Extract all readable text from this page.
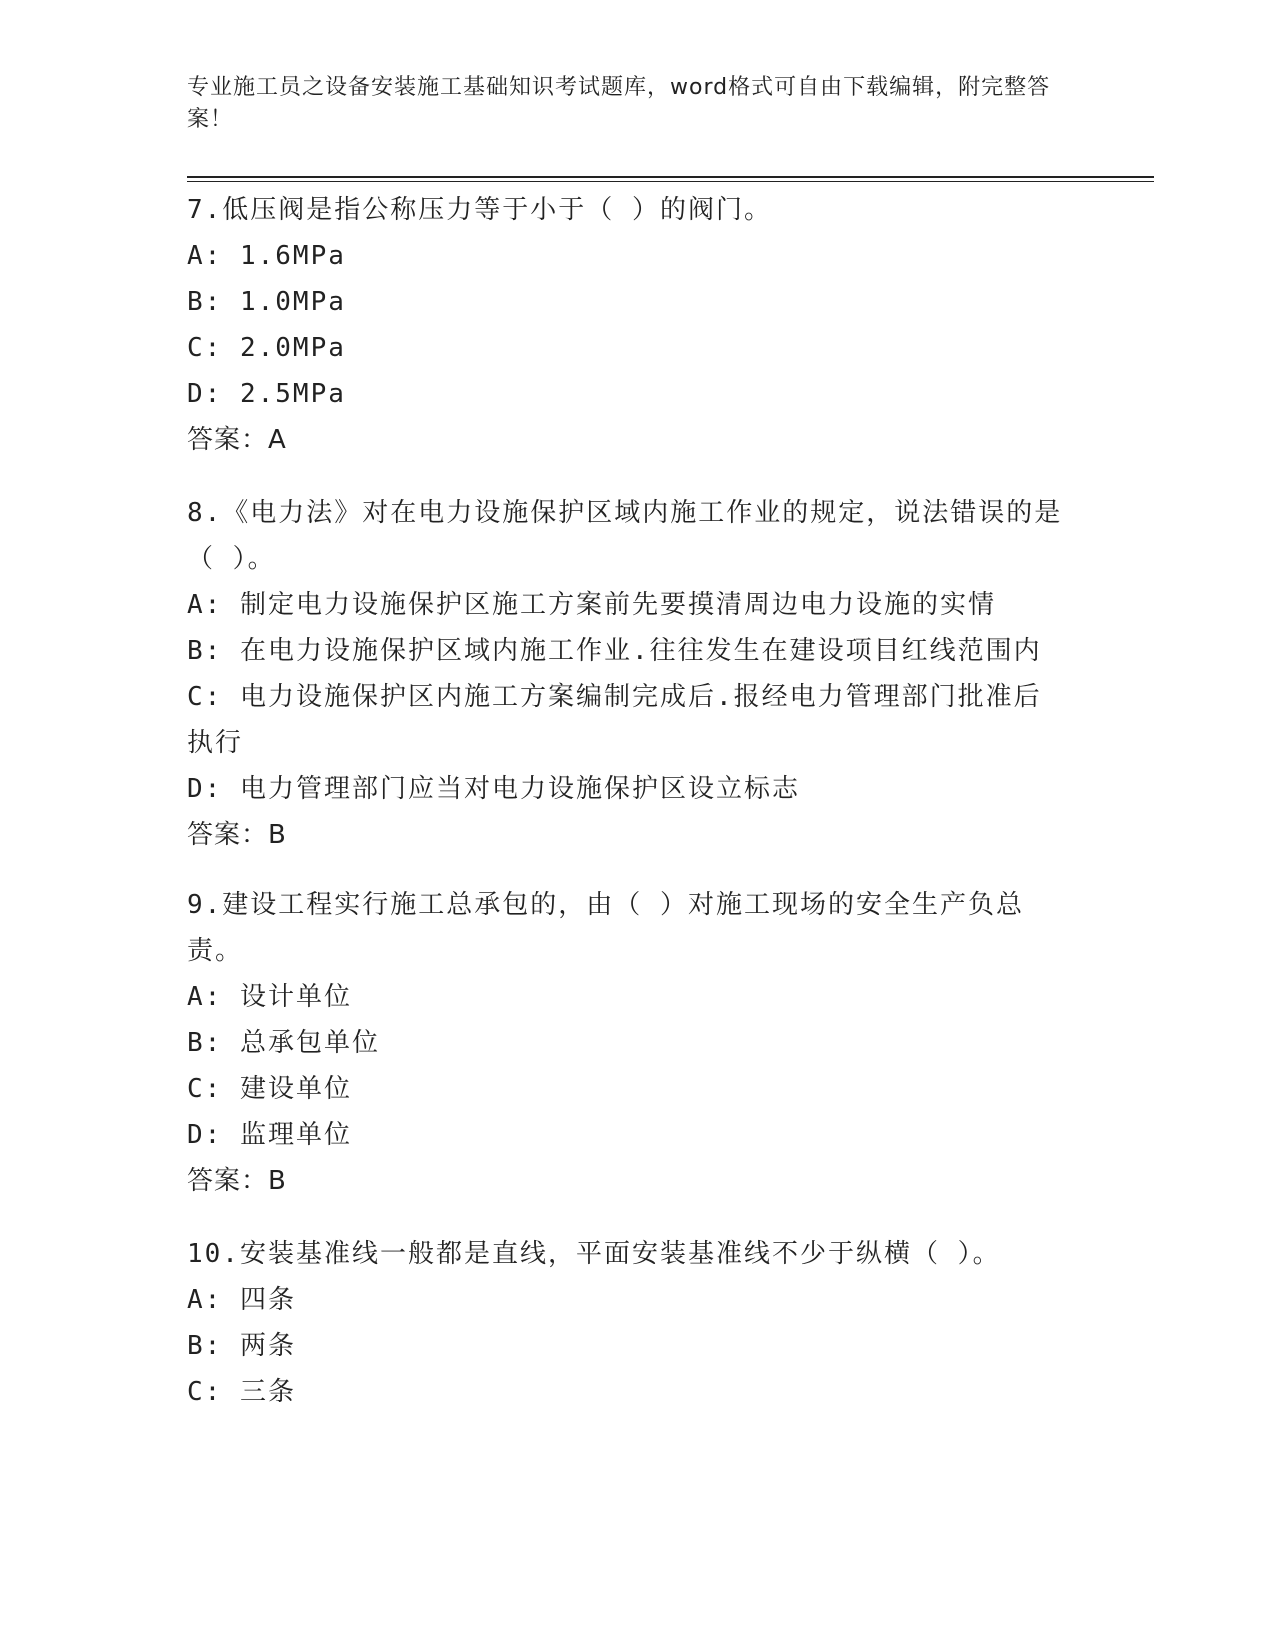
专业施工员之设备安装施工基础知识考试题库，word格式可自由下载编辑，附完整答案！
7.低压阀是指公称压力等于小于（ ）的阀门。
A: 1.6MPa
B: 1.0MPa
C: 2.0MPa
D: 2.5MPa
答案：A
8.《电力法》对在电力设施保护区域内施工作业的规定，说法错误的是（ ）。
A: 制定电力设施保护区施工方案前先要摸清周边电力设施的实情
B: 在电力设施保护区域内施工作业.往往发生在建设项目红线范围内
C: 电力设施保护区内施工方案编制完成后.报经电力管理部门批准后执行
D: 电力管理部门应当对电力设施保护区设立标志
答案：B
9.建设工程实行施工总承包的，由（ ）对施工现场的安全生产负总责。
A: 设计单位
B: 总承包单位
C: 建设单位
D: 监理单位
答案：B
10.安装基准线一般都是直线，平面安装基准线不少于纵横（ ）。
A: 四条
B: 两条
C: 三条
